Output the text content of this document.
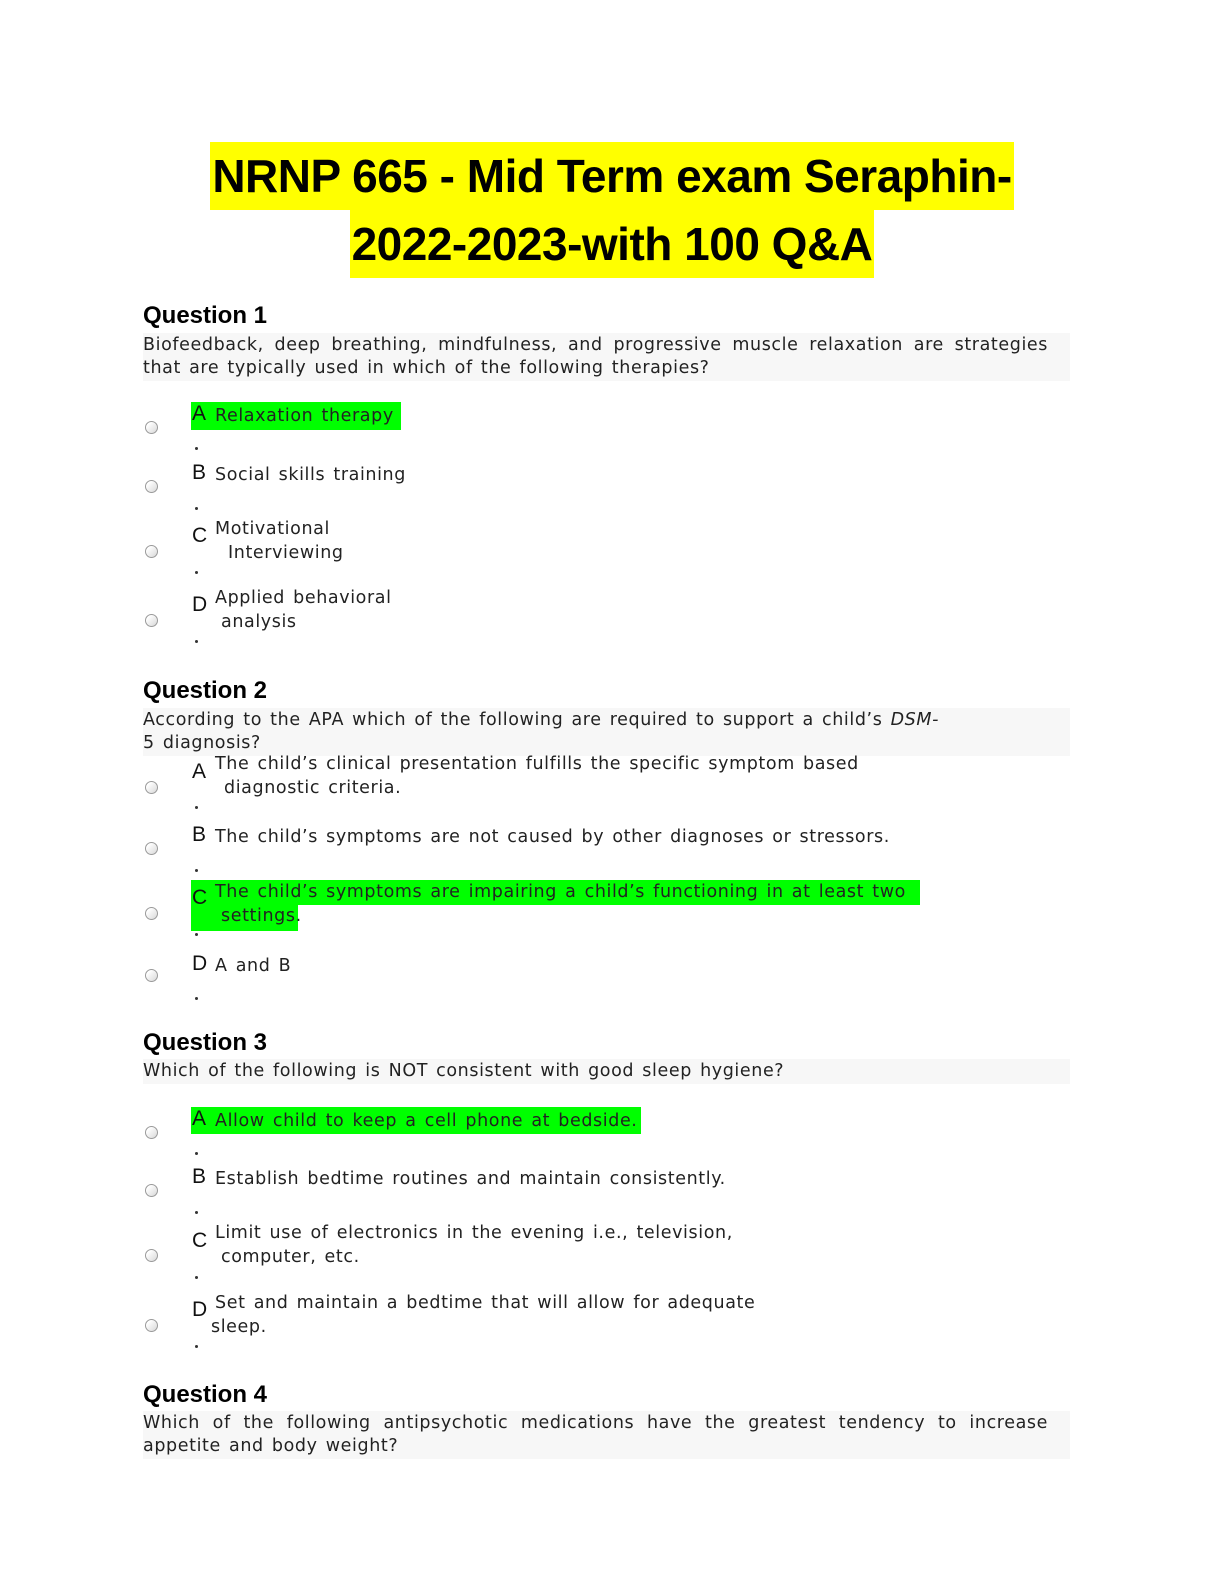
NRNP 665 - Mid Term exam Seraphin-
2022-2023-with 100 Q&A
Question 1
Biofeedback, deep breathing, mindfulness, and progressive muscle relaxation are strategies that are typically used in which of the following therapies?
A Relaxation therapy
B Social skills training
C Motivational
Interviewing
D Applied behavioral
analysis
Question 2
According to the APA which of the following are required to support a child’s DSM-
5 diagnosis?
A The child’s clinical presentation fulfills the specific symptom based
diagnostic criteria.
B The child’s symptoms are not caused by other diagnoses or stressors.
C The child’s symptoms are impairing a child’s functioning in at least two
settings.
D A and B
Question 3
Which of the following is NOT consistent with good sleep hygiene?
A Allow child to keep a cell phone at bedside.
B Establish bedtime routines and maintain consistently.
C Limit use of electronics in the evening i.e., television,
computer, etc.
D Set and maintain a bedtime that will allow for adequate
sleep.
Question 4
Which of the following antipsychotic medications have the greatest tendency to increase appetite and body weight?
